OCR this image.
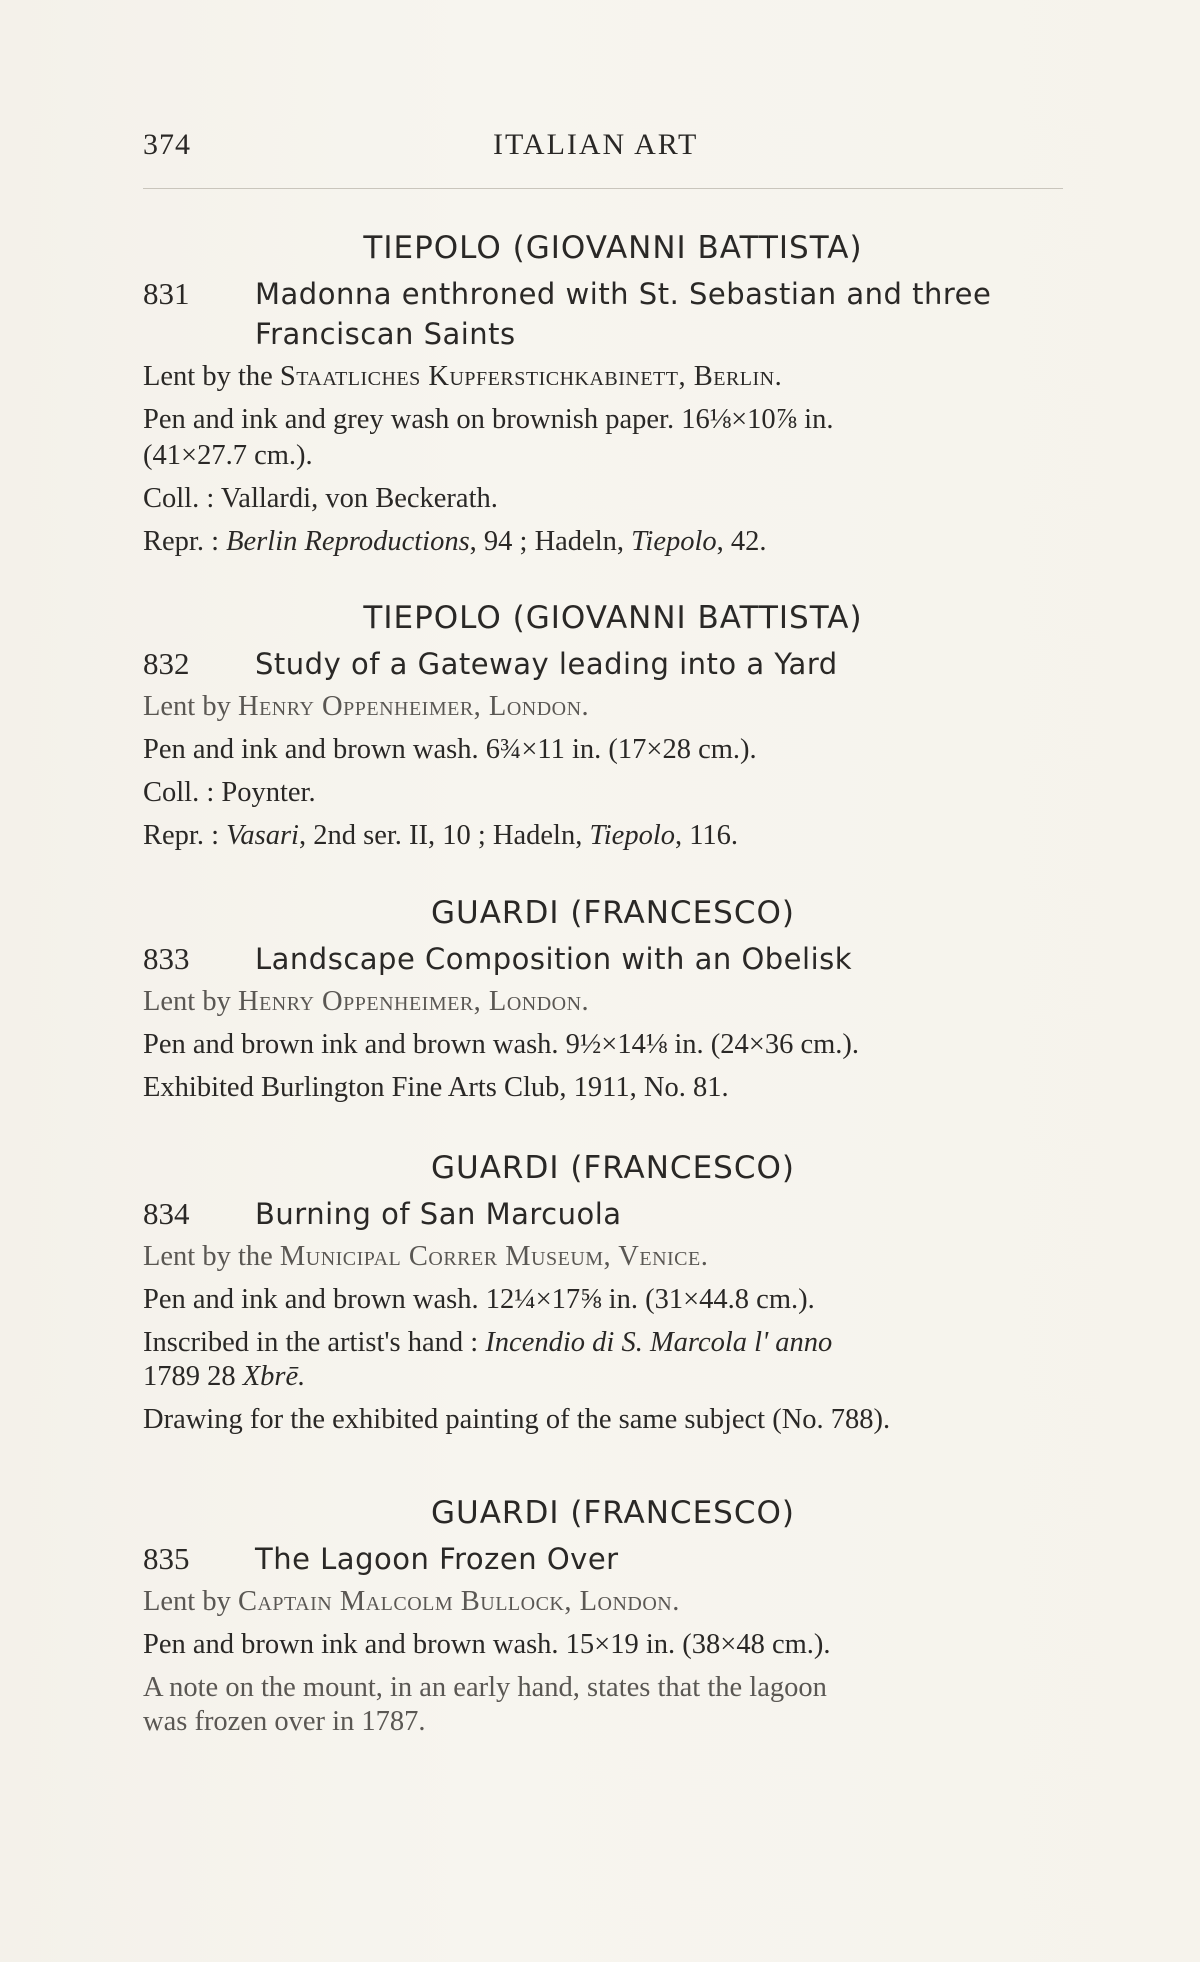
374	ITALIAN ART
TIEPOLO (GIOVANNI BATTISTA)
831 Madonna enthroned with St. Sebastian and three
Franciscan Saints
Lent by the Staatliches Kupferstichkabinett, Berlin.
Pen and ink and grey wash on brownish paper. 16⅛×10⅞ in.
(41×27.7 cm.).
Coll. : Vallardi, von Beckerath.
Repr. : Berlin Reproductions, 94 ; Hadeln, Tiepolo, 42.
TIEPOLO (GIOVANNI BATTISTA)
832 Study of a Gateway leading into a Yard
Lent by Henry Oppenheimer, London.
Pen and ink and brown wash. 6¾×11 in. (17×28 cm.).
Coll. : Poynter.
Repr. : Vasari, 2nd ser. II, 10 ; Hadeln, Tiepolo, 116.
GUARDI (FRANCESCO)
833 Landscape Composition with an Obelisk
Lent by Henry Oppenheimer, London.
Pen and brown ink and brown wash. 9½×14⅛ in. (24×36 cm.).
Exhibited Burlington Fine Arts Club, 1911, No. 81.
GUARDI (FRANCESCO)
834 Burning of San Marcuola
Lent by the Municipal Correr Museum, Venice.
Pen and ink and brown wash. 12¼×17⅝ in. (31×44.8 cm.).
Inscribed in the artist's hand : Incendio di S. Marcola l' anno
1789 28 Xbrē.
Drawing for the exhibited painting of the same subject (No. 788).
GUARDI (FRANCESCO)
835 The Lagoon Frozen Over
Lent by Captain Malcolm Bullock, London.
Pen and brown ink and brown wash. 15×19 in. (38×48 cm.).
A note on the mount, in an early hand, states that the lagoon
was frozen over in 1787.
